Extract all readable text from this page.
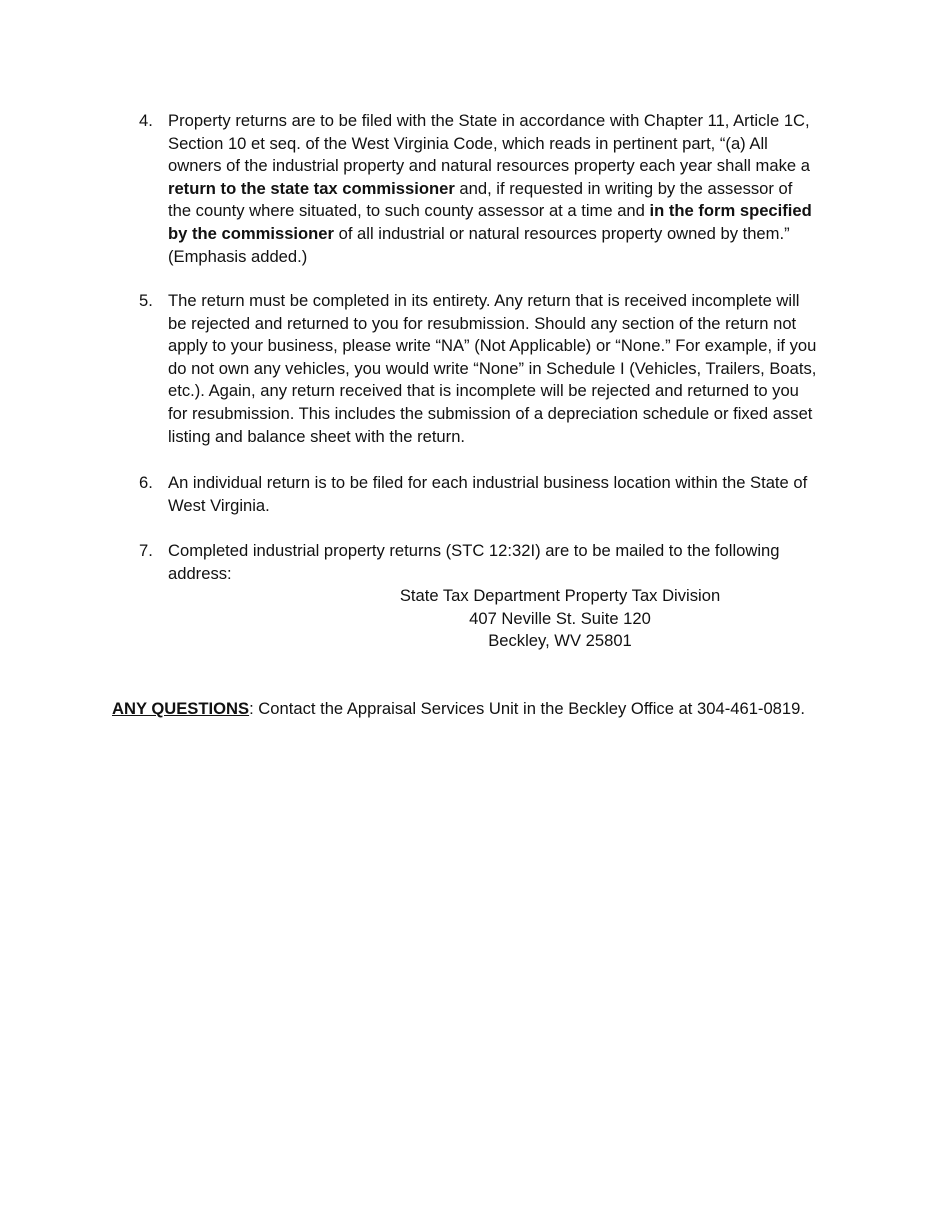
4. Property returns are to be filed with the State in accordance with Chapter 11, Article 1C,
Section 10 et seq. of the West Virginia Code, which reads in pertinent part, “(a) All
owners of the industrial property and natural resources property each year shall make a
return to the state tax commissioner and, if requested in writing by the assessor of
the county where situated, to such county assessor at a time and in the form specified
by the commissioner of all industrial or natural resources property owned by them.”
(Emphasis added.)
5. The return must be completed in its entirety. Any return that is received incomplete will
be rejected and returned to you for resubmission. Should any section of the return not
apply to your business, please write “NA” (Not Applicable) or “None.” For example, if you
do not own any vehicles, you would write “None” in Schedule I (Vehicles, Trailers, Boats,
etc.). Again, any return received that is incomplete will be rejected and returned to you
for resubmission. This includes the submission of a depreciation schedule or fixed asset
listing and balance sheet with the return.
6. An individual return is to be filed for each industrial business location within the State of
West Virginia.
7. Completed industrial property returns (STC 12:32I) are to be mailed to the following
address:
State Tax Department Property Tax Division
407 Neville St. Suite 120
Beckley, WV 25801
ANY QUESTIONS: Contact the Appraisal Services Unit in the Beckley Office at 304-461-0819.
